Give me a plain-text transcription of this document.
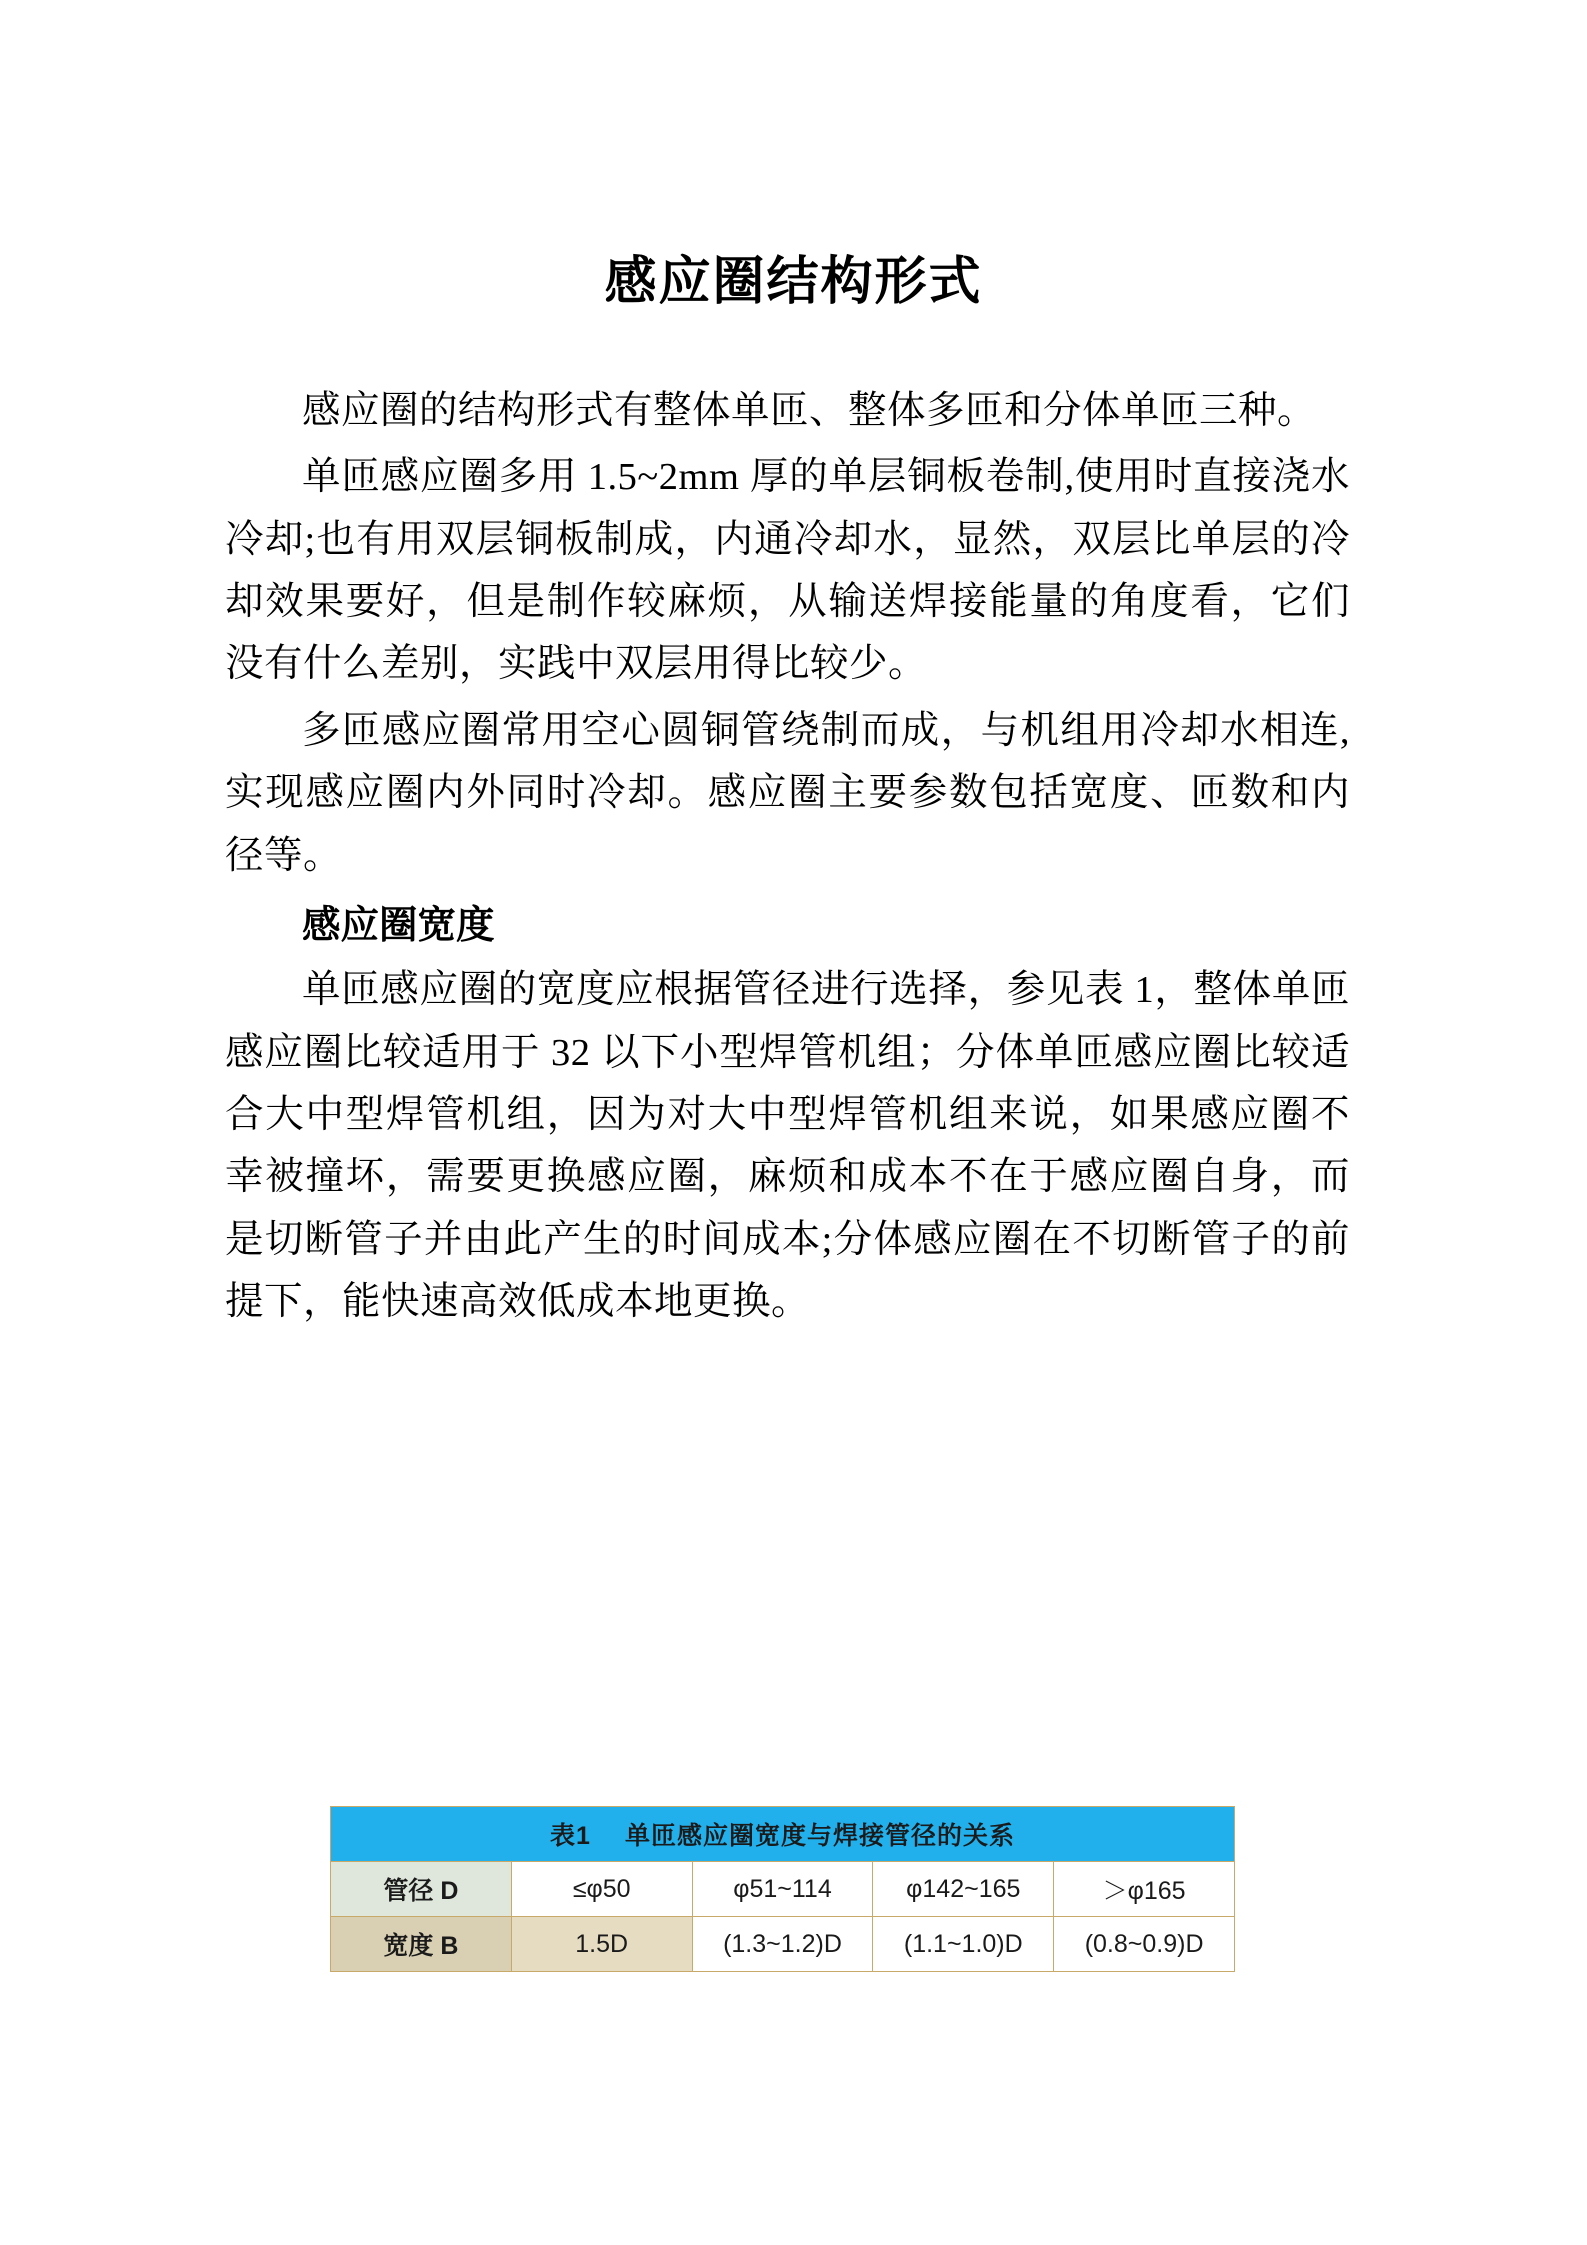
感应圈结构形式

感应圈的结构形式有整体单匝、整体多匝和分体单匝三种。

单匝感应圈多用 1.5~2mm 厚的单层铜板卷制,使用时直接浇水冷却;也有用双层铜板制成，内通冷却水，显然，双层比单层的冷却效果要好，但是制作较麻烦，从输送焊接能量的角度看，它们没有什么差别，实践中双层用得比较少。

多匝感应圈常用空心圆铜管绕制而成，与机组用冷却水相连,实现感应圈内外同时冷却。感应圈主要参数包括宽度、匝数和内径等。

感应圈宽度

单匝感应圈的宽度应根据管径进行选择，参见表 1，整体单匝感应圈比较适用于 32 以下小型焊管机组；分体单匝感应圈比较适合大中型焊管机组，因为对大中型焊管机组来说，如果感应圈不幸被撞坏，需要更换感应圈，麻烦和成本不在于感应圈自身，而是切断管子并由此产生的时间成本;分体感应圈在不切断管子的前提下，能快速高效低成本地更换。

表1 单匝感应圈宽度与焊接管径的关系				
管径 D	≤φ50	φ51~114	φ142~165	＞φ165
宽度 B	1.5D	(1.3~1.2)D	(1.1~1.0)D	(0.8~0.9)D
